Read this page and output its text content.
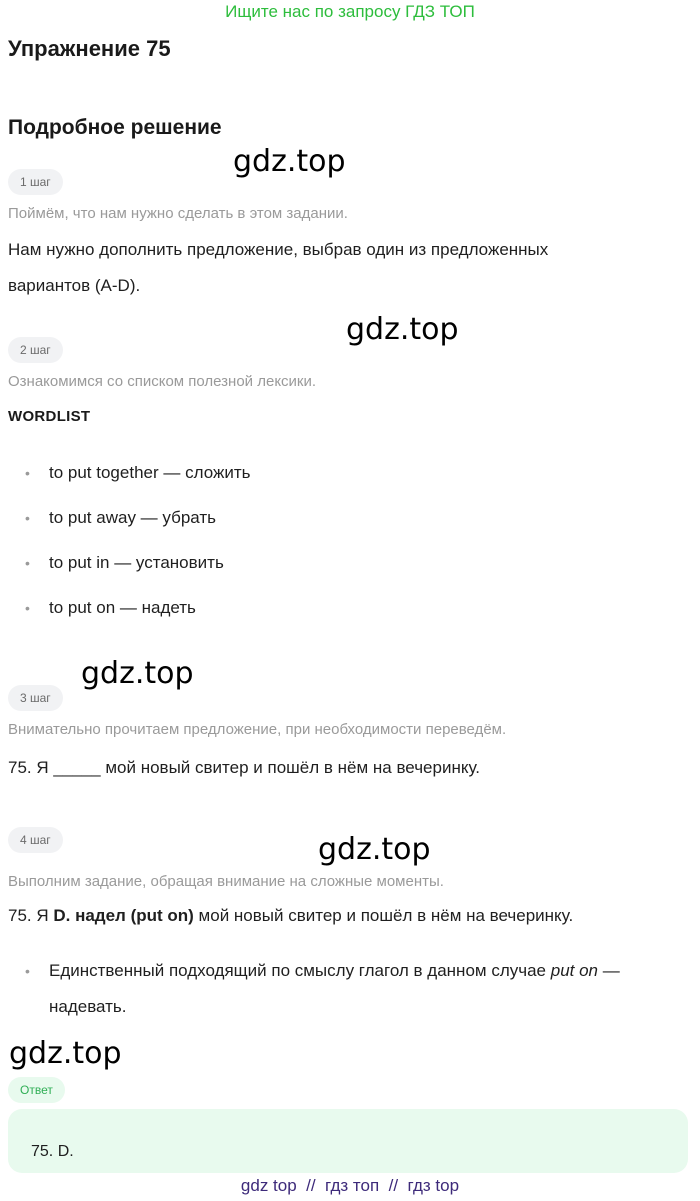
Ищите нас по запросу ГДЗ ТОП
Упражнение 75
Подробное решение
gdz.top
gdz.top
gdz.top
gdz.top
gdz.top
1 шаг
Поймём, что нам нужно сделать в этом задании.
Нам нужно дополнить предложение, выбрав один из предложенных
вариантов (A-D).
2 шаг
Ознакомимся со списком полезной лексики.
WORDLIST
• to put together — сложить
• to put away — убрать
• to put in — установить
• to put on — надеть
3 шаг
Внимательно прочитаем предложение, при необходимости переведём.
75. Я _____ мой новый свитер и пошёл в нём на вечеринку.
4 шаг
Выполним задание, обращая внимание на сложные моменты.
75. Я D. надел (put on) мой новый свитер и пошёл в нём на вечеринку.
• Единственный подходящий по смыслу глагол в данном случае put on —
надевать.
Ответ
75. D.
gdz top // гдз топ // гдз top
